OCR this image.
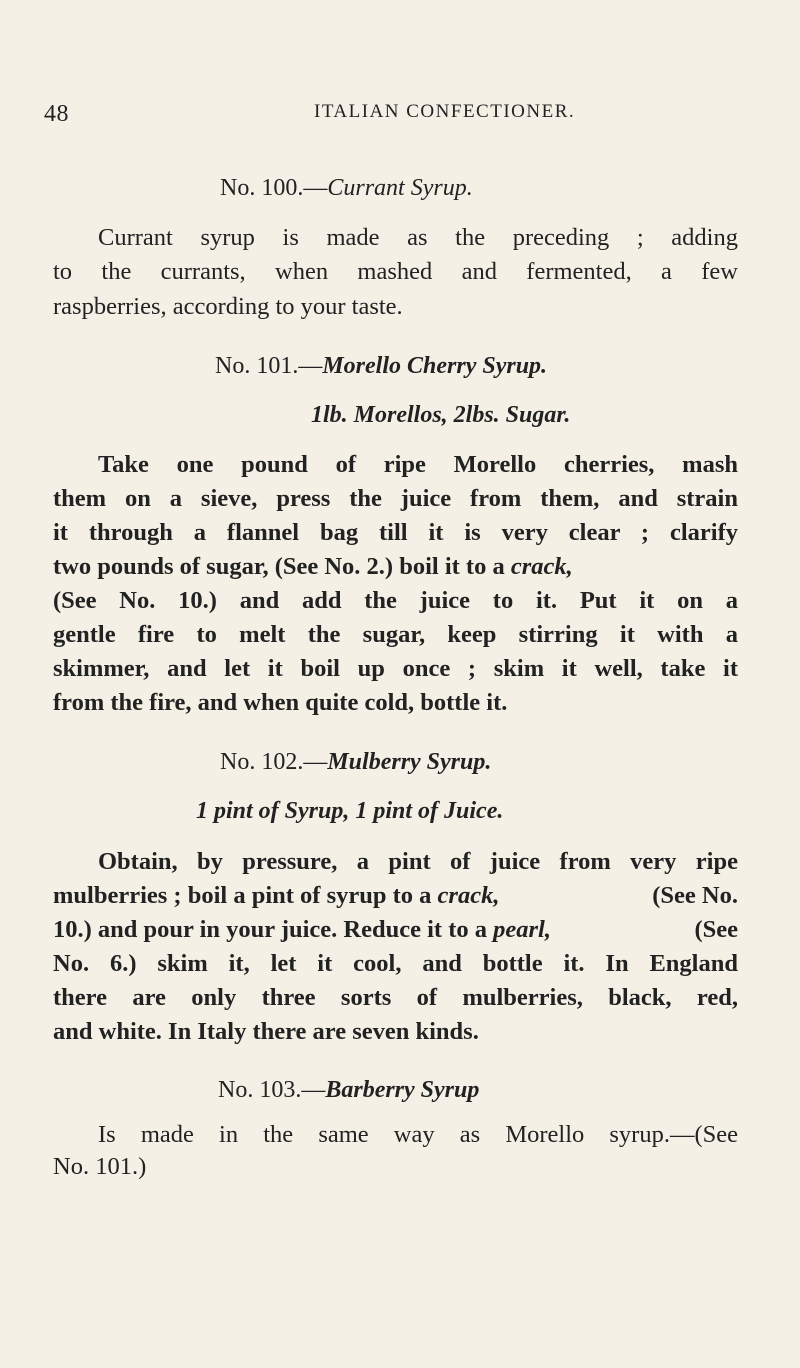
48	ITALIAN CONFECTIONER.
No. 100.—Currant Syrup.
Currant syrup is made as the preceding ; adding
to the currants, when mashed and fermented, a few
raspberries, according to your taste.
No. 101.—Morello Cherry Syrup.
1lb. Morellos, 2lbs. Sugar.
Take one pound of ripe Morello cherries, mash
them on a sieve, press the juice from them, and strain
it through a flannel bag till it is very clear ; clarify
two pounds of sugar, (See No. 2.) boil it to a crack,
(See No. 10.) and add the juice to it. Put it on a
gentle fire to melt the sugar, keep stirring it with a
skimmer, and let it boil up once ; skim it well, take it
from the fire, and when quite cold, bottle it.
No. 102.—Mulberry Syrup.
1 pint of Syrup, 1 pint of Juice.
Obtain, by pressure, a pint of juice from very ripe
mulberries ; boil a pint of syrup to a crack,	(See No.
10.) and pour in your juice. Reduce it to a pearl,	(See
No. 6.) skim it, let it cool, and bottle it. In England
there are only three sorts of mulberries, black, red,
and white. In Italy there are seven kinds.
No. 103.—Barberry Syrup
Is made in the same way as Morello syrup.—(See
No. 101.)
